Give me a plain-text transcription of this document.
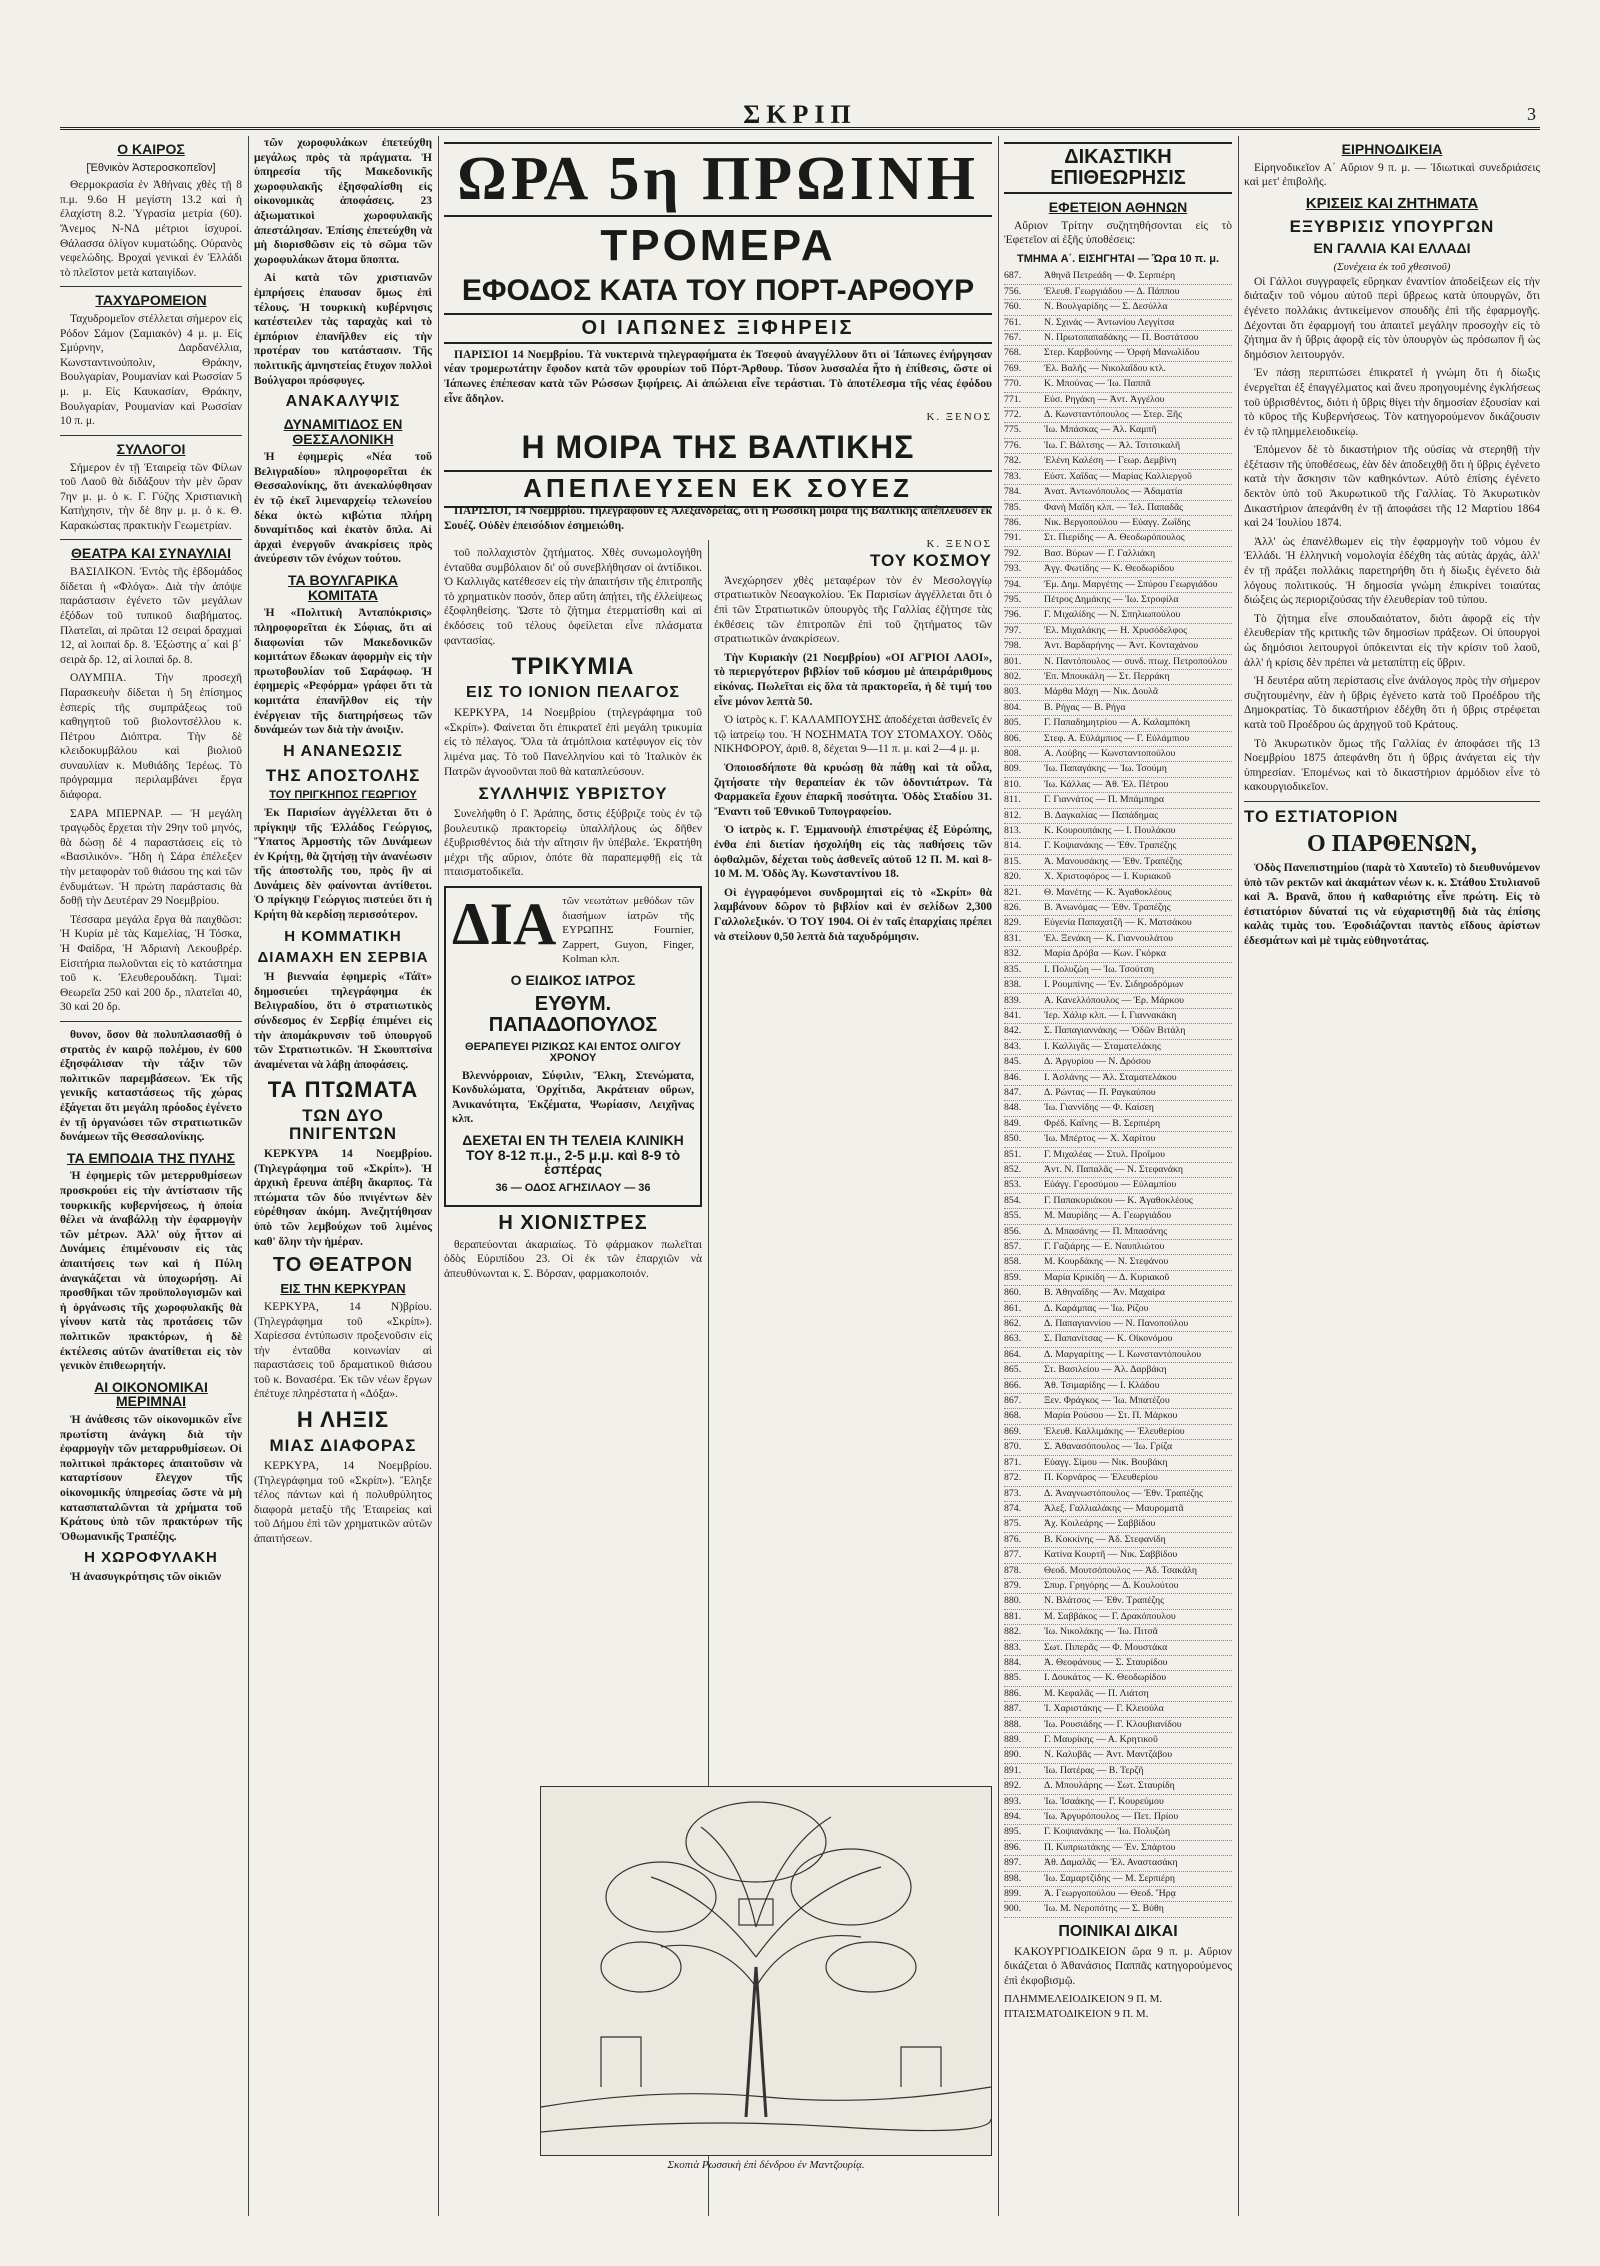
ΣΚΡΙΠ	3
Ο ΚΑΙΡΟΣ
[Ἐθνικὸν Ἀστεροσκοπεῖον]

Θερμοκρασία ἐν Ἀθήναις χθὲς τῇ 8 π.μ. 9.6ο Η μεγίστη 13.2 καὶ ἡ ἐλαχίστη 8.2. Ὑγρασία μετρία (60). Ἄνεμος Ν-ΝΔ μέτριοι ἰσχυροί. Θάλασσα ὀλίγον κυματώδης. Οὐρανὸς νεφελώδης. Βροχαὶ γενικαὶ ἐν Ἑλλάδι τὸ πλεῖστον μετὰ καταιγίδων.

ΤΑΧΥΔΡΟΜΕΙΟΝ

Ταχυδρομεῖον στέλλεται σήμερον εἰς Ρόδον Σάμον (Σαμιακόν) 4 μ. μ. Εἰς Σμύρνην, Δαρδανέλλια, Κωνσταντινούπολιν, Θράκην, Βουλγαρίαν, Ρουμανίαν καὶ Ρωσσίαν 5 μ. μ. Εἰς Καυκασίαν, Θράκην, Βουλγαρίαν, Ρουμανίαν καὶ Ρωσσίαν 10 π. μ.

ΣΥΛΛΟΓΟΙ

Σήμερον ἐν τῇ Ἑταιρείᾳ τῶν Φίλων τοῦ Λαοῦ θὰ διδάξουν τὴν μὲν ὥραν 7ην μ. μ. ὁ κ. Γ. Γύζης Χριστιανικὴ Κατήχησιν, τὴν δὲ 8ην μ. μ. ὁ κ. Θ. Καρακώστας πρακτικὴν Γεωμετρίαν.

ΘΕΑΤΡΑ ΚΑΙ ΣΥΝΑΥΛΙΑΙ

ΒΑΣΙΛΙΚΟΝ. Ἐντὸς τῆς ἑβδομάδος δίδεται ἡ «Φλόγα». Διὰ τὴν ἀπόψε παράστασιν ἐγένετο τῶν μεγάλων ἐξόδων τοῦ τυπικοῦ διαβήματος. Πλατεῖαι, αἱ πρῶται 12 σειραὶ δραχμαὶ 12, αἱ λοιπαὶ δρ. 8. Ἐξώστης α΄ καὶ β΄ σειρὰ δρ. 12, αἱ λοιπαὶ δρ. 8.

ΟΛΥΜΠΙΑ. Τὴν προσεχῆ Παρασκευὴν δίδεται ἡ 5η ἐπίσημος ἑσπερίς τῆς συμπράξεως τοῦ καθηγητοῦ τοῦ βιολοντσέλλου κ. Πέτρου Διόπτρα. Τὴν δὲ κλειδοκυμβάλου καὶ βιολιοῦ συναυλίαν κ. Μυθιάδης Ἰερέως. Τὸ πρόγραμμα περιλαμβάνει ἔργα διάφορα.

ΣΑΡΑ ΜΠΕΡΝΑΡ. — Ἡ μεγάλη τραγῳδὸς ἔρχεται τὴν 29ην τοῦ μηνός, θὰ δώσῃ δὲ 4 παραστάσεις εἰς τὸ «Βασιλικόν». Ἤδη ἡ Σάρα ἐπέλεξεν τὴν μεταφορὰν τοῦ θιάσου της καὶ τῶν ἐνδυμάτων. Ἡ πρώτη παράστασις θὰ δοθῇ τὴν Δευτέραν 29 Νοεμβρίου.

Τέσσαρα μεγάλα ἔργα θὰ παιχθῶσι: Ἡ Κυρία μὲ τὰς Καμελίας, Ἡ Τόσκα, Ἡ Φαίδρα, Ἡ Ἀδριανὴ Λεκουβρέρ. Εἰσιτήρια πωλοῦνται εἰς τὸ κατάστημα τοῦ κ. Ἐλευθερουδάκη. Τιμαὶ: Θεωρεῖα 250 καὶ 200 δρ., πλατεῖαι 40, 30 καὶ 20 δρ.

θυνον, ὅσον θὰ πολυπλασιασθῇ ὁ στρατὸς ἐν καιρῷ πολέμου, ἐν 600 ἐξησφάλισαν τὴν τάξιν τῶν πολιτικῶν παρεμβάσεων. Ἐκ τῆς γενικῆς καταστάσεως τῆς χώρας ἐξάγεται ὅτι μεγάλη πρόοδος ἐγένετο ἐν τῇ ὀργανώσει τῶν στρατιωτικῶν δυνάμεων τῆς Θεσσαλονίκης.

ΤΑ ΕΜΠΟΔΙΑ ΤΗΣ ΠΥΛΗΣ

Ἡ ἐφημερὶς τῶν μετερρυθμίσεων προσκρούει εἰς τὴν ἀντίστασιν τῆς τουρκικῆς κυβερνήσεως, ἡ ὁποία θέλει νὰ ἀναβάλλῃ τὴν ἐφαρμογὴν τῶν μέτρων. Ἀλλ' οὐχ ἧττον αἱ Δυνάμεις ἐπιμένουσιν εἰς τὰς ἀπαιτήσεις των καὶ ἡ Πύλη ἀναγκάζεται νὰ ὑποχωρήσῃ. Αἱ προσθῆκαι τῶν προϋπολογισμῶν καὶ ἡ ὀργάνωσις τῆς χωροφυλακῆς θὰ γίνουν κατὰ τὰς προτάσεις τῶν πολιτικῶν πρακτόρων, ἡ δὲ ἐκτέλεσις αὐτῶν ἀνατίθεται εἰς τὸν γενικὸν ἐπιθεωρητήν.

ΑΙ ΟΙΚΟΝΟΜΙΚΑΙ ΜΕΡΙΜΝΑΙ

Ἡ ἀνάθεσις τῶν οἰκονομικῶν εἶνε πρωτίστη ἀνάγκη διὰ τὴν ἐφαρμογὴν τῶν μεταρρυθμίσεων. Οἱ πολιτικοὶ πράκτορες ἀπαιτοῦσιν νὰ καταρτίσουν ἔλεγχον τῆς οἰκονομικῆς ὑπηρεσίας ὥστε νὰ μὴ κατασπαταλῶνται τὰ χρήματα τοῦ Κράτους ὑπὸ τῶν πρακτόρων τῆς Ὀθωμανικῆς Τραπέζης.

Η ΧΩΡΟΦΥΛΑΚΗ

Ἡ ἀνασυγκρότησις τῶν οἰκιῶν

τῶν χωροφυλάκων ἐπετεύχθη μεγάλως πρὸς τὰ πράγματα. Ἡ ὑπηρεσία τῆς Μακεδονικῆς χωροφυλακῆς ἐξησφαλίσθη εἰς οἰκονομικὰς ἀποφάσεις. 23 ἀξιωματικοὶ χωροφυλακῆς ἀπεστάλησαν. Ἐπίσης ἐπετεύχθη νὰ μὴ διορισθῶσιν εἰς τὸ σῶμα τῶν χωροφυλάκων ἄτομα ὕποπτα.

Αἱ κατὰ τῶν χριστιανῶν ἐμπρήσεις ἐπαυσαν ὅμως ἐπὶ τέλους. Ἡ τουρκικὴ κυβέρνησις κατέστειλεν τὰς ταραχὰς καὶ τὸ ἐμπόριον ἐπανῆλθεν εἰς τὴν προτέραν του κατάστασιν. Τῆς πολιτικῆς ἀμνηστείας ἔτυχον πολλοὶ Βούλγαροι πρόσφυγες.

ΑΝΑΚΑΛΥΨΙΣ
ΔΥΝΑΜΙΤΙΔΟΣ ΕΝ ΘΕΣΣΑΛΟΝΙΚΗ

Ἡ ἐφημερὶς «Νέα τοῦ Βελιγραδίου» πληροφορεῖται ἐκ Θεσσαλονίκης, ὅτι ἀνεκαλύφθησαν ἐν τῷ ἐκεῖ λιμεναρχείῳ τελωνείου δέκα ὀκτὼ κιβώτια πλήρη δυναμίτιδος καὶ ἑκατὸν ὅπλα. Αἱ ἀρχαὶ ἐνεργοῦν ἀνακρίσεις πρὸς ἀνεύρεσιν τῶν ἐνόχων τούτου.

ΤΑ ΒΟΥΛΓΑΡΙΚΑ ΚΟΜΙΤΑΤΑ

Ἡ «Πολιτικὴ Ἀνταπόκρισις» πληροφορεῖται ἐκ Σόφιας, ὅτι αἱ διαφωνίαι τῶν Μακεδονικῶν κομιτάτων ἔδωκαν ἀφορμὴν εἰς τὴν πρωτοβουλίαν τοῦ Σαράφωφ. Ἡ ἐφημερὶς «Ρεφόρμα» γράφει ὅτι τὰ κομιτάτα ἐπανῆλθον εἰς τὴν ἐνέργειαν τῆς διατηρήσεως τῶν δυνάμεών των διὰ τὴν ἀνοιξιν.

Η ΑΝΑΝΕΩΣΙΣ
ΤΗΣ ΑΠΟΣΤΟΛΗΣ
ΤΟΥ ΠΡΙΓΚΗΠΟΣ ΓΕΩΡΓΙΟΥ

Ἐκ Παρισίων ἀγγέλλεται ὅτι ὁ πρίγκηψ τῆς Ἑλλάδος Γεώργιος, Ὕπατος Ἁρμοστὴς τῶν Δυνάμεων ἐν Κρήτῃ, θὰ ζητήσῃ τὴν ἀνανέωσιν τῆς ἀποστολῆς του, πρὸς ἣν αἱ Δυνάμεις δὲν φαίνονται ἀντίθετοι. Ὁ πρίγκηψ Γεώργιος πιστεύει ὅτι ἡ Κρήτη θὰ κερδίσῃ περισσότερον.

Η ΚΟΜΜΑΤΙΚΗ
ΔΙΑΜΑΧΗ ΕΝ ΣΕΡΒΙΑ

Ἡ βιενναία ἐφημερὶς «Τάϊτ» δημοσιεύει τηλεγράφημα ἐκ Βελιγραδίου, ὅτι ὁ στρατιωτικὸς σύνδεσμος ἐν Σερβίᾳ ἐπιμένει εἰς τὴν ἀπομάκρυνσιν τοῦ ὑπουργοῦ τῶν Στρατιωτικῶν. Ἡ Σκουπτσίνα ἀναμένεται νὰ λάβῃ ἀποφάσεις.

ΤΑ ΠΤΩΜΑΤΑ
ΤΩΝ ΔΥΟ ΠΝΙΓΕΝΤΩΝ

ΚΕΡΚΥΡΑ 14 Νοεμβρίου. (Τηλεγράφημα τοῦ «Σκρίπ»). Ἡ ἀρχικὴ ἔρευνα ἀπέβη ἄκαρπος. Τὰ πτώματα τῶν δύο πνιγέντων δὲν εὑρέθησαν ἀκόμη. Ἀνεζητήθησαν ὑπὸ τῶν λεμβούχων τοῦ λιμένος καθ' ὅλην τὴν ἡμέραν.

ΤΟ ΘΕΑΤΡΟΝ
ΕΙΣ ΤΗΝ ΚΕΡΚΥΡΑΝ

ΚΕΡΚΥΡΑ, 14 Ν)βρίου. (Τηλεγράφημα τοῦ «Σκρίπ»). Χαρίεσσα ἐντύπωσιν προξενοῦσιν εἰς τὴν ἐνταῦθα κοινωνίαν αἱ παραστάσεις τοῦ δραματικοῦ θιάσου τοῦ κ. Βονασέρα. Ἐκ τῶν νέων ἔργων ἐπέτυχε πληρέστατα ἡ «Δόξα».

Η ΛΗΞΙΣ
ΜΙΑΣ ΔΙΑΦΟΡΑΣ

ΚΕΡΚΥΡΑ, 14 Νοεμβρίου. (Τηλεγράφημα τοῦ «Σκρίπ»). Ἔληξε τέλος πάντων καὶ ἡ πολυθρύλητος διαφορὰ μεταξὺ τῆς Ἐταιρείας καὶ τοῦ Δήμου ἐπὶ τῶν χρηματικῶν αὐτῶν ἀπαιτήσεων.

ΩΡΑ 5η ΠΡΩΙΝΗ
ΤΡΟΜΕΡΑ
ΕΦΟΔΟΣ ΚΑΤΑ ΤΟΥ ΠΟΡΤ-ΑΡΘΟΥΡ
ΟΙ ΙΑΠΩΝΕΣ ΞΙΦΗΡΕΙΣ

ΠΑΡΙΣΙΟΙ 14 Νοεμβρίου. Τὰ νυκτερινὰ τηλεγραφήματα ἐκ Τσεφοὺ ἀναγγέλλουν ὅτι οἱ Ἰάπωνες ἐνήργησαν νέαν τρομερωτάτην ἔφοδον κατὰ τῶν φρουρίων τοῦ Πόρτ-Ἄρθουρ. Τόσον λυσσαλέα ἦτο ἡ ἐπίθεσις, ὥστε οἱ Ἰάπωνες ἐπέπεσαν κατὰ τῶν Ρώσσων ξιφήρεις. Αἱ ἀπώλειαι εἶνε τεράστιαι. Τὸ ἀποτέλεσμα τῆς νέας ἐφόδου εἶνε ἄδηλον.

Κ. ΞΕΝΟΣ
Η ΜΟΙΡΑ ΤΗΣ ΒΑΛΤΙΚΗΣ
ΑΠΕΠΛΕΥΣΕΝ ΕΚ ΣΟΥΕΖ

ΠΑΡΙΣΙΟΙ, 14 Νοεμβρίου. Τηλεγραφοῦν ἐξ Ἀλεξανδρείας, ὅτι ἡ Ρωσσικὴ μοῖρα τῆς Βαλτικῆς ἀπέπλευσεν ἐκ Σουέζ. Οὐδὲν ἐπεισόδιον ἐσημειώθη.

Κ. ΞΕΝΟΣ

τοῦ πολλαχιστὸν ζητήματος. Χθὲς συνωμολογήθη ἐνταῦθα συμβόλαιον δι' οὗ συνεβλήθησαν οἱ ἀντίδικοι. Ὁ Καλλιγᾶς κατέθεσεν εἰς τὴν ἀπαιτήσιν τῆς ἐπιτροπῆς τὸ χρηματικὸν ποσόν, ὅπερ αὕτη ἀπῄτει, τῆς ἐλλείψεως ἐξοφληθείσης. Ὥστε τὸ ζήτημα ἐτερματίσθη καὶ αἱ ἐκδόσεις τοῦ τέλους ὀφείλεται εἶνε πλάσματα φαντασίας.

ΤΡΙΚΥΜΙΑ
ΕΙΣ ΤΟ ΙΟΝΙΟΝ ΠΕΛΑΓΟΣ

ΚΕΡΚΥΡΑ, 14 Νοεμβρίου (τηλεγράφημα τοῦ «Σκρίπ»). Φαίνεται ὅτι ἐπικρατεῖ ἐπὶ μεγάλη τρικυμία εἰς τὸ πέλαγος. Ὅλα τὰ ἀτμόπλοια κατέφυγον εἰς τὸν λιμένα μας. Τὸ τοῦ Πανελληνίου καὶ τὸ Ἰταλικὸν ἐκ Πατρῶν ἀγνοοῦνται ποῦ θὰ καταπλεύσουν.

ΣΥΛΛΗΨΙΣ ΥΒΡΙΣΤΟΥ

Συνελήφθη ὁ Γ. Ἀράπης, ὅστις ἐξύβριζε τοὺς ἐν τῷ βουλευτικῷ πρακτορείῳ ὑπαλλήλους ὡς δῆθεν ἐξυβρισθέντος διὰ τὴν αἴτησιν ἣν ὑπέβαλε. Ἐκρατήθη μέχρι τῆς αὔριον, ὁπότε θὰ παραπεμφθῇ εἰς τὰ πταισματοδικεῖα.

ΔΙΑ τῶν νεωτάτων μεθόδων τῶν διασήμων ἰατρῶν τῆς ΕΥΡΩΠΗΣ Fournier, Zappert, Guyon, Finger, Kolman κλπ.
Ο ΕΙΔΙΚΟΣ ΙΑΤΡΟΣ
ΕΥΘΥΜ. ΠΑΠΑΔΟΠΟΥΛΟΣ
ΘΕΡΑΠΕΥΕΙ ΡΙΖΙΚΩΣ ΚΑΙ ΕΝΤΟΣ ΟΛΙΓΟΥ ΧΡΟΝΟΥ

Βλεννόρροιαν, Σύφιλιν, Ἕλκη, Στενώματα, Κονδυλώματα, Ὀρχίτιδα, Ἀκράτειαν οὔρων, Ἀνικανότητα, Ἐκζέματα, Ψωρίασιν, Λειχῆνας κλπ.

ΔΕΧΕΤΑΙ ΕΝ ΤΗ ΤΕΛΕΙΑ ΚΛΙΝΙΚΗ ΤΟΥ 8-12 π.μ., 2-5 μ.μ. καὶ 8-9 τὸ ἑσπέρας
36 — ΟΔΟΣ ΑΓΗΣΙΛΑΟΥ — 36
Η ΧΙΟΝΙΣΤΡΕΣ

θεραπεύονται ἀκαριαίως. Τὸ φάρμακον πωλεῖται ὁδὸς Εὐριπίδου 23. Οἱ ἐκ τῶν ἐπαρχιῶν νὰ ἀπευθύνωνται κ. Σ. Βόρσαν, φαρμακοποιόν.

ΤΟΥ ΚΟΣΜΟΥ

Ἀνεχώρησεν χθὲς μεταφέρων τὸν ἐν Μεσολογγίῳ στρατιωτικὸν Νεοαγκολίου. Ἐκ Παρισίων ἀγγέλλεται ὅτι ὁ ἐπὶ τῶν Στρατιωτικῶν ὑπουργὸς τῆς Γαλλίας ἐζήτησε τὰς ἐκθέσεις τῶν ἐπιτροπῶν ἐπὶ τοῦ ζητήματος τῶν στρατιωτικῶν ἀνακρίσεων.

Τὴν Κυριακὴν (21 Νοεμβρίου) «ΟΙ ΑΓΡΙΟΙ ΛΑΟΙ», τὸ περιεργότερον βιβλίον τοῦ κόσμου μὲ ἀπειράριθμους εἰκόνας. Πωλεῖται εἰς ὅλα τὰ πρακτορεῖα, ἡ δὲ τιμή του εἶνε μόνον λεπτὰ 50.

Ὁ ἰατρὸς κ. Γ. ΚΑΛΑΜΠΟΥΣΗΣ ἀποδέχεται ἀσθενεῖς ἐν τῷ ἰατρείῳ του. Ἡ ΝΟΣΗΜΑΤΑ ΤΟΥ ΣΤΟΜΑΧΟΥ. Ὁδὸς ΝΙΚΗΦΟΡΟΥ, ἀριθ. 8, δέχεται 9—11 π. μ. καὶ 2—4 μ. μ.

Ὁποιοσδήποτε θὰ κρυώσῃ θὰ πάθῃ καὶ τὰ οὖλα, ζητήσατε τὴν θεραπείαν ἐκ τῶν ὀδοντιάτρων. Τὰ Φαρμακεῖα ἔχουν ἐπαρκῆ ποσότητα. Ὁδὸς Σταδίου 31. Ἔναντι τοῦ Ἐθνικοῦ Τυπογραφείου.

Ὁ ἰατρὸς κ. Γ. Ἐμμανουὴλ ἐπιστρέψας ἐξ Εὐρώπης, ἐνθα ἐπὶ διετίαν ἠσχολήθη εἰς τὰς παθήσεις τῶν ὀφθαλμῶν, δέχεται τοὺς ἀσθενεῖς αὐτοῦ 12 Π. Μ. καὶ 8-10 Μ. Μ. Ὁδὸς Ἁγ. Κωνσταντίνου 18.

Οἱ ἐγγραφόμενοι συνδρομηταὶ εἰς τὸ «Σκρίπ» θὰ λαμβάνουν δῶρον τὸ βιβλίον καὶ ἐν σελίδων 2,300 Γαλλολεξικόν. Ὁ ΤΟΥ 1904. Οἱ ἐν ταῖς ἐπαρχίαις πρέπει νὰ στείλουν 0,50 λεπτὰ διὰ ταχυδρόμησιν.

Σκοπιὰ Ρωσσικὴ ἐπὶ δένδρου ἐν Μαντζουρίᾳ.
ΔΙΚΑΣΤΙΚΗ ΕΠΙΘΕΩΡΗΣΙΣ
ΕΦΕΤΕΙΟΝ ΑΘΗΝΩΝ

Αὔριον Τρίτην συζητηθήσονται εἰς τὸ Ἐφετεῖον αἱ ἑξῆς ὑποθέσεις:

ΤΜΗΜΑ Α΄. ΕΙΣΗΓΗΤΑΙ — Ὥρα 10 π. μ.
687.	Ἀθηνᾶ Πετρεάδη — Φ. Σερπιέρη
756.	Ἐλευθ. Γεωργιάδου — Δ. Πάππου
760.	Ν. Βουλγαρίδης — Σ. Δεσύλλα
761.	Ν. Σχινάς — Ἀντωνίου Λεγγίτσα
767.	Ν. Πρωτοπαπαδάκης — Π. Βοστάτσου
768.	Στερ. Καρβούνης — Ὀρφὴ Μανωλίδου
769.	Ἐλ. Βαλῆς — Νικολαΐδου κτλ.
770.	Κ. Μπούνας — Ἰω. Παππᾶ
771.	Εὐσ. Ρηγάκη — Ἀντ. Ἀγγέλου
772.	Δ. Κωνσταντόπουλος — Στερ. Ξῆς
775.	Ἰω. Μπάσκας — Ἀλ. Καμπῆ
776.	Ἰω. Γ. Βάλτσης — Ἀλ. Τσιτσικαλῆ
782.	Ἑλένη Καλέση — Γεωρ. Δεμβίνη
783.	Εὐστ. Χαΐδας — Μαρίας Καλλιεργοῦ
784.	Ἀνατ. Ἀντωνόπουλος — Ἀδαματία
785.	Φανὴ Μαΐδη κλπ. — Ἰελ. Παπαδᾶς
786.	Νικ. Βεργοπούλου — Εὐαγγ. Ζωΐδης
791.	Στ. Πιερίδης — Α. Θεοδωρόπουλος
792.	Βασ. Βύρων — Γ. Γαλλιάκη
793.	Ἀγγ. Φωτίδης — Κ. Θεοδωρίδου
794.	Ἐμ. Δημ. Μαργέτης — Σπύρου Γεωργιάδου
795.	Πέτρος Δημάκης — Ἰω. Στροφίλα
796.	Γ. Μιχαλίδης — Ν. Σπηλιωπούλου
797.	Ἐλ. Μιχαλάκης — Η. Χρυσόδελφος
798.	Ἀντ. Βαρδαρήνης — Ἀντ. Κονταχάνου
801.	Ν. Παντόπουλος — συνδ. πτωχ. Πετροπούλου
802.	Ἐπ. Μπουκάλη — Στ. Περράκη
803.	Μάρθα Μάχη — Νικ. Δουλᾶ
804.	Β. Ρήγας — Β. Ρήγα
805.	Γ. Παπαδημητρίου — Α. Καλαμπόκη
806.	Στεφ. Α. Εὐλάμπιος — Γ. Εὐλάμπιου
808.	Α. Λούβης — Κωνσταντοπούλου
809.	Ἰω. Παπαγάκης — Ἰω. Τσούμη
810.	Ἰω. Κάλλας — Ἀθ. Ἐλ. Πέτρου
811.	Γ. Γιαννάτος — Π. Μπάμπηρα
812.	Β. Δαγκαλίας — Παπάδημας
813.	Κ. Κουρουπάκης — Ι. Πουλάκου
814.	Γ. Κοψιανάκης — Ἐθν. Τραπέζης
815.	Ἀ. Μανουσάκης — Ἐθν. Τραπέζης
820.	Χ. Χριστοφόρος — Ι. Κυριακοῦ
821.	Θ. Μανέτης — Κ. Ἀγαθοκλέους
826.	Β. Ἀνωνόμας — Ἐθν. Τραπέζης
829.	Εὐγενία Παπαχατζῆ — Κ. Ματσάκου
831.	Ἐλ. Ξενάκη — Κ. Γιαννουλάτου
832.	Μαρία Δρόβα — Κων. Γκόρκα
835.	Ι. Πολυζώη — Ἰω. Τσούτση
838.	Ι. Ρουμπίνης — Ἐν. Σιδηροδρόμων
839.	Α. Κανελλόπουλος — Ἐρ. Μάρκου
841.	Ἰερ. Χάλιρ κλπ. — Ι. Γιαννακάκη
842.	Σ. Παπαγιαννάκης — Ὁδῶν Βιτάλη
843.	Ι. Καλλιγᾶς — Σταματελάκης
845.	Δ. Ἀργυρίου — Ν. Δρόσου
846.	Ι. Ἀσλάνης — Ἀλ. Σταματελάκου
847.	Δ. Ρώντας — Π. Ραγκαύπου
848.	Ἰω. Γιαννίδης — Φ. Καίσεη
849.	Φρέδ. Καΐνης — Β. Σερπιέρη
850.	Ἰω. Μπέρτος — Χ. Χαρίτου
851.	Γ. Μιχαλέας — Στυλ. Προΐμου
852.	Ἀντ. Ν. Παπαλᾶς — Ν. Στεφανάκη
853.	Εὐάγγ. Γεροσύμου — Εὐλαμπίου
854.	Γ. Παπακυριάκου — Κ. Ἀγαθοκλέους
855.	Μ. Μαυρίδης — Α. Γεωργιάδου
856.	Δ. Μπασάνης — Π. Μπασάνης
857.	Γ. Γαζιάρης — Ε. Ναυπλιώτου
858.	Μ. Κουρδάκης — Ν. Στεφάνου
859.	Μαρία Κρικίδη — Δ. Κυριακοῦ
860.	Β. Ἀθηναΐδης — Ἀν. Μαχαίρα
861.	Δ. Καράμπας — Ἰω. Ρίζου
862.	Δ. Παπαγιαννίου — Ν. Πανοπούλου
863.	Σ. Παπανίτσας — Κ. Οἰκονόμου
864.	Δ. Μαργαρίτης — Ι. Κωνσταντόπουλου
865.	Στ. Βασιλείου — Ἀλ. Δαρβάκη
866.	Ἀθ. Τσιμαρίδης — Ι. Κλάδου
867.	Ξεν. Φράγκος — Ἰω. Μπατέζου
868.	Μαρία Ρούσου — Στ. Π. Μάρκου
869.	Ἐλευθ. Καλλιμάκης — Ἐλευθερίου
870.	Σ. Ἀθανασόπουλος — Ἰω. Γρίζα
871.	Εὐαγγ. Σίμου — Νικ. Βουβάκη
872.	Π. Κορνάρος — Ἐλευθερίου
873.	Δ. Ἀναγνωστόπουλος — Ἐθν. Τραπέζης
874.	Ἀλεξ. Γαλλιαλάκης — Μαυροματᾶ
875.	Ἀχ. Κοιλεάρης — Σαββίδου
876.	Β. Κοκκίνης — Ἀδ. Στεφανίδη
877.	Κατίνα Κουρτῆ — Νικ. Σαββίδου
878.	Θεοδ. Μουτσόπουλος — Ἀδ. Τσακάλη
879.	Σπυρ. Γρηγόρης — Δ. Κουλούτου
880.	Ν. Βλάτσος — Ἐθν. Τραπέζης
881.	Μ. Σαββάκος — Γ. Δρακόπουλου
882.	Ἰω. Νικολάκης — Ἰω. Πιτσᾶ
883.	Σωτ. Πιπερᾶς — Φ. Μουστάκα
884.	Ἀ. Θεοφάνους — Σ. Σταυρίδου
885.	Ι. Δουκάτος — Κ. Θεοδωρίδου
886.	Μ. Κεφαλᾶς — Π. Λιάτση
887.	Ἰ. Χαριστάκης — Γ. Κλειούλα
888.	Ἰω. Ρουσιάδης — Γ. Κλουβιανίδου
889.	Γ. Μαυρίκης — Α. Κρητικοῦ
890.	Ν. Καλυβᾶς — Ἀντ. Μαντζάβου
891.	Ἰω. Πατέρας — Β. Τερζῆ
892.	Δ. Μπουλάρης — Σωτ. Σταυρίδη
893.	Ἰω. Ἰσαάκης — Γ. Κουρεύμου
894.	Ἰω. Ἀργυρόπουλος — Πετ. Πρίου
895.	Γ. Κοψιανάκης — Ἰω. Πολυζώη
896.	Π. Κυπριωτάκης — Ἐν. Σπάρτου
897.	Ἀθ. Δαμαλᾶς — Ἐλ. Αναστασάκη
898.	Ἰω. Σαμαρτζίδης — Μ. Σερπιέρη
899.	Ἀ. Γεωργοπούλου — Θεοδ. Ἥρᾳ
900.	Ἰω. Μ. Νεροπότης — Σ. Βύθη
ΠΟΙΝΙΚΑΙ ΔΙΚΑΙ

ΚΑΚΟΥΡΓΙΟΔΙΚΕΙΟΝ ὥρα 9 π. μ. Αὔριον δικάζεται ὁ Ἀθανάσιος Παππᾶς κατηγορούμενος ἐπὶ ἐκφοβισμῷ.

ΠΛΗΜΜΕΛΕΙΟΔΙΚΕΙΟΝ 9 Π. Μ.
ΠΤΑΙΣΜΑΤΟΔΙΚΕΙΟΝ 9 Π. Μ.
ΕΙΡΗΝΟΔΙΚΕΙΑ

Εἰρηνοδικεῖον Α΄ Αὔριον 9 π. μ. — Ἰδιωτικαὶ συνεδριάσεις καὶ μετ' ἐπιβολῆς.

ΚΡΙΣΕΙΣ ΚΑΙ ΖΗΤΗΜΑΤΑ
ΕΞΥΒΡΙΣΙΣ ΥΠΟΥΡΓΩΝ
ΕΝ ΓΑΛΛΙΑ ΚΑΙ ΕΛΛΑΔΙ
(Συνέχεια ἐκ τοῦ χθεσινοῦ)

Οἱ Γάλλοι συγγραφεῖς εὕρηκαν ἐναντίον ἀποδείξεων εἰς τὴν διάταξιν τοῦ νόμου αὐτοῦ περὶ ὕβρεως κατὰ ὑπουργῶν, ὅτι ἐγένετο πολλάκις ἀντικείμενον σπουδῆς ἐπὶ τῆς ἐφαρμογῆς. Δέχονται ὅτι ἐφαρμογή του ἀπαιτεῖ μεγάλην προσοχὴν εἰς τὸ ζήτημα ἂν ἡ ὕβρις ἀφορᾷ εἰς τὸν ὑπουργὸν ὡς πρόσωπον ἢ ὡς δημόσιον λειτουργόν.

Ἐν πάσῃ περιπτώσει ἐπικρατεῖ ἡ γνώμη ὅτι ἡ δίωξις ἐνεργεῖται ἐξ ἐπαγγέλματος καὶ ἄνευ προηγουμένης ἐγκλήσεως τοῦ ὑβρισθέντος, διότι ἡ ὕβρις θίγει τὴν δημοσίαν ἐξουσίαν καὶ τὸ κῦρος τῆς Κυβερνήσεως. Τὸν κατηγορούμενον δικάζουσιν ἐν τῷ πλημμελειοδικείῳ.

Ἑπόμενον δὲ τὸ δικαστήριον τῆς οὐσίας νὰ στερηθῇ τὴν ἐξέτασιν τῆς ὑποθέσεως, ἐὰν δὲν ἀποδειχθῇ ὅτι ἡ ὕβρις ἐγένετο κατὰ τὴν ἄσκησιν τῶν καθηκόντων. Αὐτὸ ἐπίσης ἐγένετο δεκτὸν ὑπὸ τοῦ Ἀκυρωτικοῦ τῆς Γαλλίας. Τὸ Ἀκυρωτικὸν Δικαστήριον ἀπεφάνθη ἐν τῇ ἀποφάσει τῆς 12 Μαρτίου 1864 καὶ 24 Ἰουλίου 1874.

Ἀλλ' ὡς ἐπανέλθωμεν εἰς τὴν ἐφαρμογὴν τοῦ νόμου ἐν Ἑλλάδι. Ἡ ἑλληνικὴ νομολογία ἐδέχθη τὰς αὐτὰς ἀρχάς, ἀλλ' ἐν τῇ πράξει πολλάκις παρετηρήθη ὅτι ἡ δίωξις ἐγένετο διὰ λόγους πολιτικούς. Ἡ δημοσία γνώμη ἐπικρίνει τοιαύτας διώξεις ὡς περιοριζούσας τὴν ἐλευθερίαν τοῦ τύπου.

Τὸ ζήτημα εἶνε σπουδαιότατον, διότι ἀφορᾷ εἰς τὴν ἐλευθερίαν τῆς κριτικῆς τῶν δημοσίων πράξεων. Οἱ ὑπουργοὶ ὡς δημόσιοι λειτουργοὶ ὑπόκεινται εἰς τὴν κρίσιν τοῦ λαοῦ, ἀλλ' ἡ κρίσις δὲν πρέπει νὰ μεταπίπτῃ εἰς ὕβριν.

Ἡ δευτέρα αὕτη περίστασις εἶνε ἀνάλογος πρὸς τὴν σήμερον συζητουμένην, ἐὰν ἡ ὕβρις ἐγένετο κατὰ τοῦ Προέδρου τῆς Δημοκρατίας. Τὸ δικαστήριον ἐδέχθη ὅτι ἡ ὕβρις στρέφεται κατὰ τοῦ Προέδρου ὡς ἀρχηγοῦ τοῦ Κράτους.

Τὸ Ἀκυρωτικὸν ὅμως τῆς Γαλλίας ἐν ἀποφάσει τῆς 13 Νοεμβρίου 1875 ἀπεφάνθη ὅτι ἡ ὕβρις ἀνάγεται εἰς τὴν ὑπηρεσίαν. Ἑπομένως καὶ τὸ δικαστήριον ἀρμόδιον εἶνε τὸ κακουργιοδικεῖον.

ΤΟ ΕΣΤΙΑΤΟΡΙΟΝ
Ο ΠΑΡΘΕΝΩΝ,

Ὁδὸς Πανεπιστημίου (παρὰ τὸ Χαυτεῖο) τὸ διευθυνόμενον ὑπὸ τῶν ρεκτῶν καὶ ἀκαμάτων νέων κ. κ. Στάθου Στυλιανοῦ καὶ Ἀ. Βρανᾶ, ὅπου ἡ καθαριότης εἶνε πρώτη. Εἰς τὸ ἐστιατόριον δύναταί τις νὰ εὐχαριστηθῇ διὰ τὰς ἐπίσης καλὰς τιμὰς του. Ἐφοδιάζονται παντὸς εἴδους ἀρίστων ἐδεσμάτων καὶ μὲ τιμὰς εὐθηνοτάτας.
